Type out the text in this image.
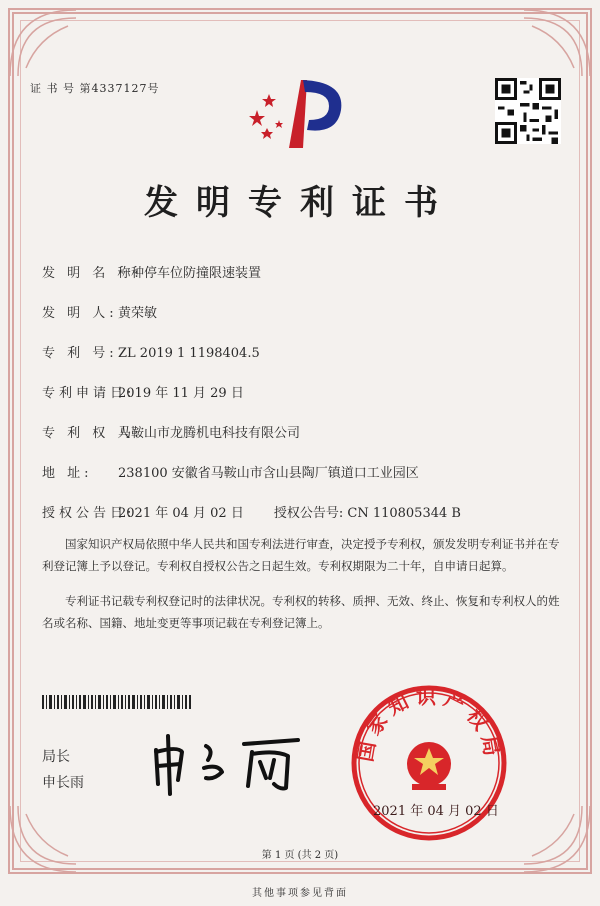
证 书 号 第4337127号
发明专利证书
发 明 名 称:一种停车位防撞限速装置
发 明 人:黄荣敏
专 利 号:ZL 2019 1 1198404.5
专利申请日:2019 年 11 月 29 日
专 利 权 人:马鞍山市龙腾机电科技有限公司
地 址: 238100 安徽省马鞍山市含山县陶厂镇道口工业园区
授权公告日:2021 年 04 月 02 日 授权公告号: CN 110805344 B
国家知识产权局依照中华人民共和国专利法进行审查，决定授予专利权，颁发发明专利证书并在专利登记簿上予以登记。专利权自授权公告之日起生效。专利权期限为二十年，自申请日起算。
专利证书记载专利权登记时的法律状况。专利权的转移、质押、无效、终止、恢复和专利权人的姓名或名称、国籍、地址变更等事项记载在专利登记簿上。
局长
申长雨
国家知识产权局
2021 年 04 月 02 日
第 1 页 (共 2 页)
其他事项参见背面
